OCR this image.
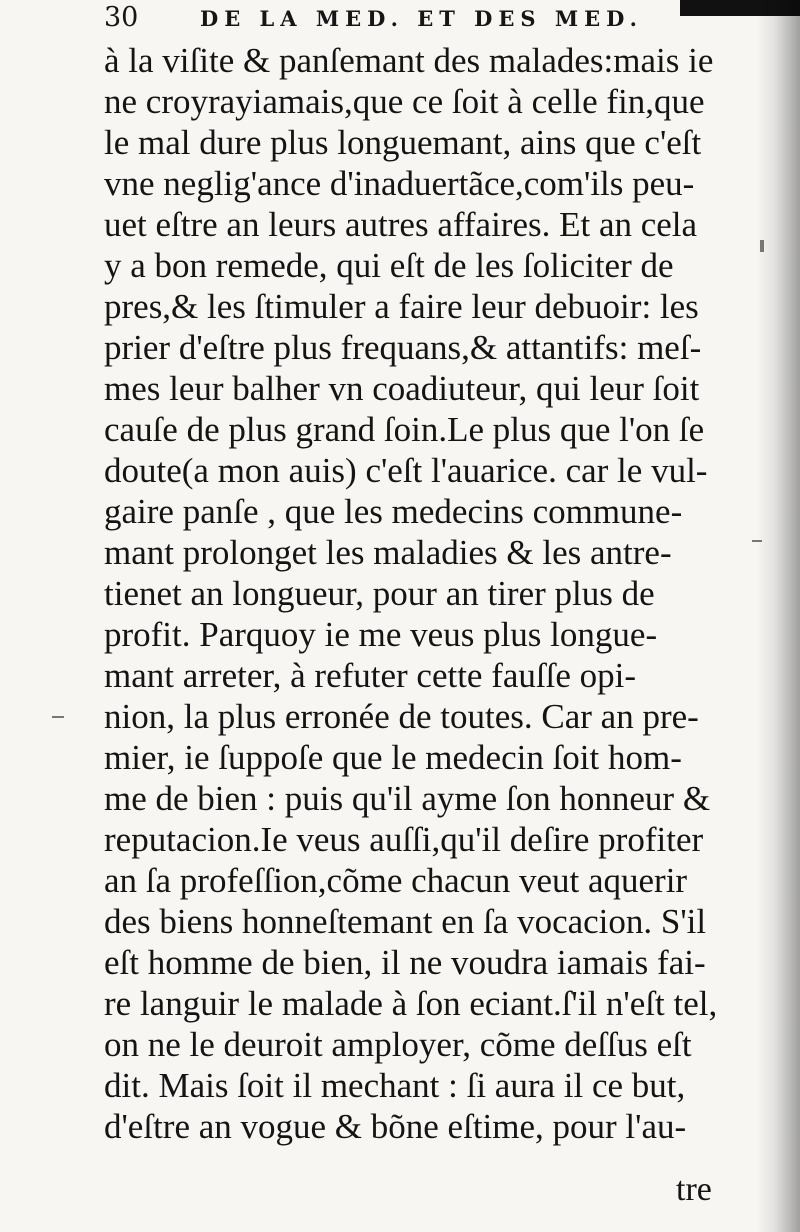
30	DE LA MED. ET DES MED.
à la viſite & panſemant des malades:mais ie
ne croyrayiamais,que ce ſoit à celle fin,que
le mal dure plus longuemant, ains que c'eſt
vne neglig'ance d'inaduertãce,com'ils peu-
uet eſtre an leurs autres affaires. Et an cela
y a bon remede, qui eſt de les ſoliciter de
pres,& les ſtimuler a faire leur debuoir: les
prier d'eſtre plus frequans,& attantifs: meſ-
mes leur balher vn coadiuteur, qui leur ſoit
cauſe de plus grand ſoin.Le plus que l'on ſe
doute(a mon auis) c'eſt l'auarice. car le vul-
gaire panſe , que les medecins commune-
mant prolonget les maladies & les antre-
tienet an longueur, pour an tirer plus de
profit. Parquoy ie me veus plus longue-
mant arreter, à refuter cette fauſſe opi-
nion, la plus erronée de toutes. Car an pre-
mier, ie ſuppoſe que le medecin ſoit hom-
me de bien : puis qu'il ayme ſon honneur &
reputacion.Ie veus auſſi,qu'il deſire profiter
an ſa profeſſion,cõme chacun veut aquerir
des biens honneſtemant en ſa vocacion. S'il
eſt homme de bien, il ne voudra iamais fai-
re languir le malade à ſon eciant.ſ'il n'eſt tel,
on ne le deuroit amployer, cõme deſſus eſt
dit. Mais ſoit il mechant : ſi aura il ce but,
d'eſtre an vogue & bõne eſtime, pour l'au-
tre
